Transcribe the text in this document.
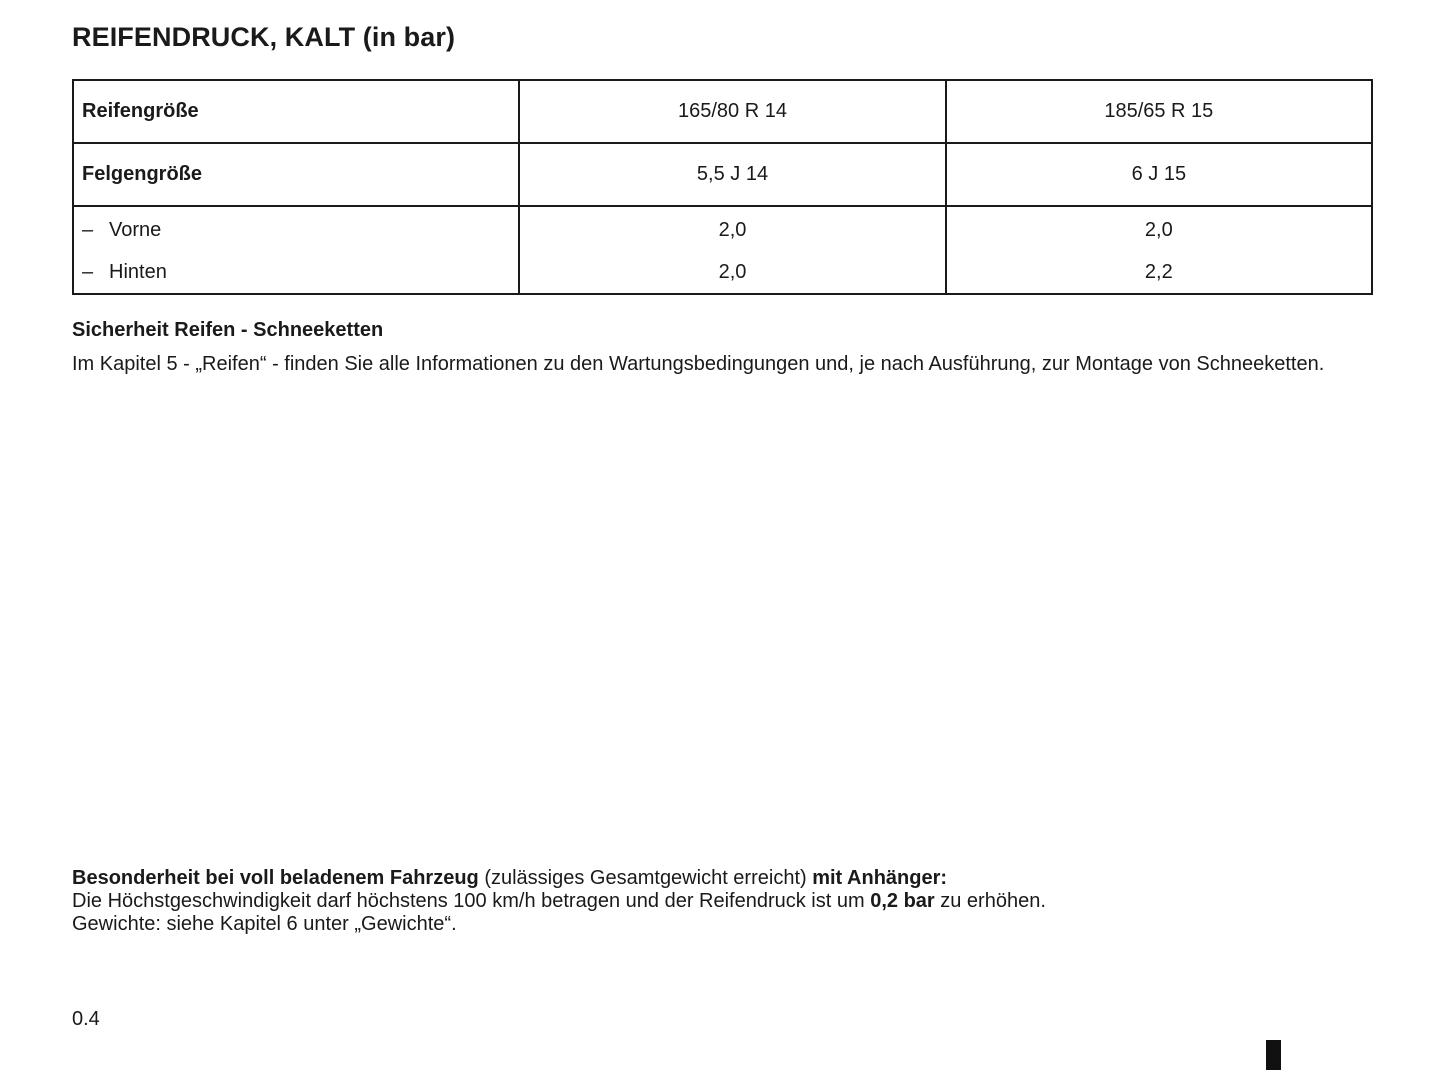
REIFENDRUCK, KALT (in bar)
Reifengröße	165/80 R 14	185/65 R 15
Felgengröße	5,5 J 14	6 J 15
– Vorne	2,0	2,0
– Hinten	2,0	2,2
Sicherheit Reifen - Schneeketten
Im Kapitel 5 - „Reifen“ - finden Sie alle Informationen zu den Wartungsbedingungen und, je nach Ausführung, zur Montage von Schneeketten.
Besonderheit bei voll beladenem Fahrzeug (zulässiges Gesamtgewicht erreicht) mit Anhänger:
Die Höchstgeschwindigkeit darf höchstens 100 km/h betragen und der Reifendruck ist um 0,2 bar zu erhöhen.
Gewichte: siehe Kapitel 6 unter „Gewichte“.
0.4
